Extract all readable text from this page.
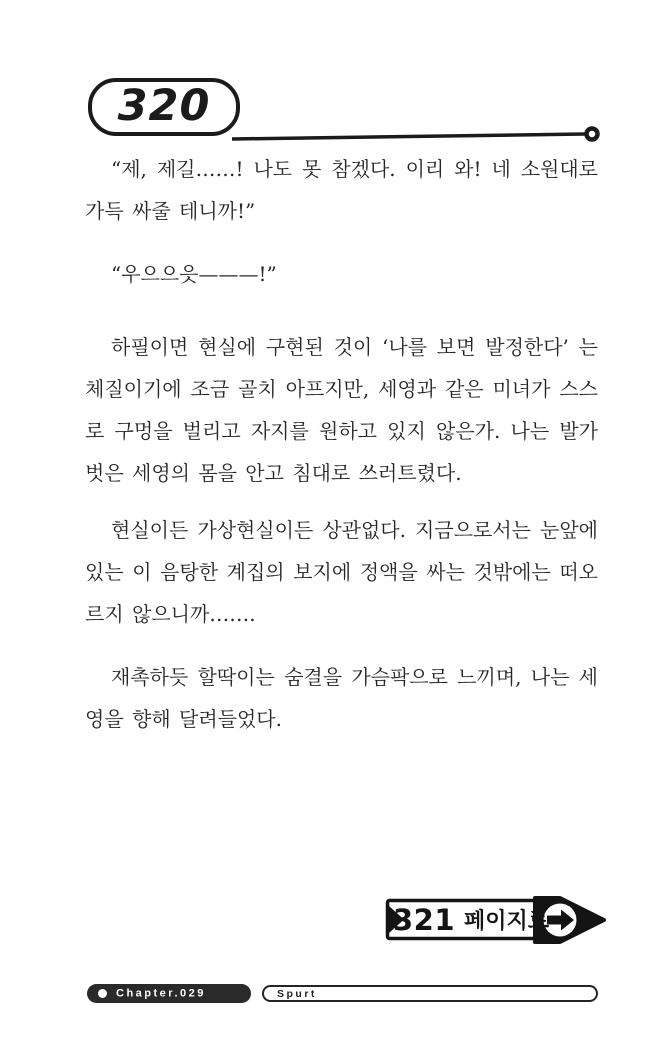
320

“제, 제길……! 나도 못 참겠다. 이리 와! 네 소원대로 가득 싸줄 테니까!”

“우으으읏———!”

하필이면 현실에 구현된 것이 ‘나를 보면 발정한다’ 는 체질이기에 조금 골치 아프지만, 세영과 같은 미녀가 스스로 구멍을 벌리고 자지를 원하고 있지 않은가. 나는 발가벗은 세영의 몸을 안고 침대로 쓰러트렸다.

현실이든 가상현실이든 상관없다. 지금으로서는 눈앞에 있는 이 음탕한 계집의 보지에 정액을 싸는 것밖에는 떠오르지 않으니까…….

재촉하듯 할딱이는 숨결을 가슴팍으로 느끼며, 나는 세영을 향해 달려들었다.

321 페이지로
Chapter.029	Spurt
